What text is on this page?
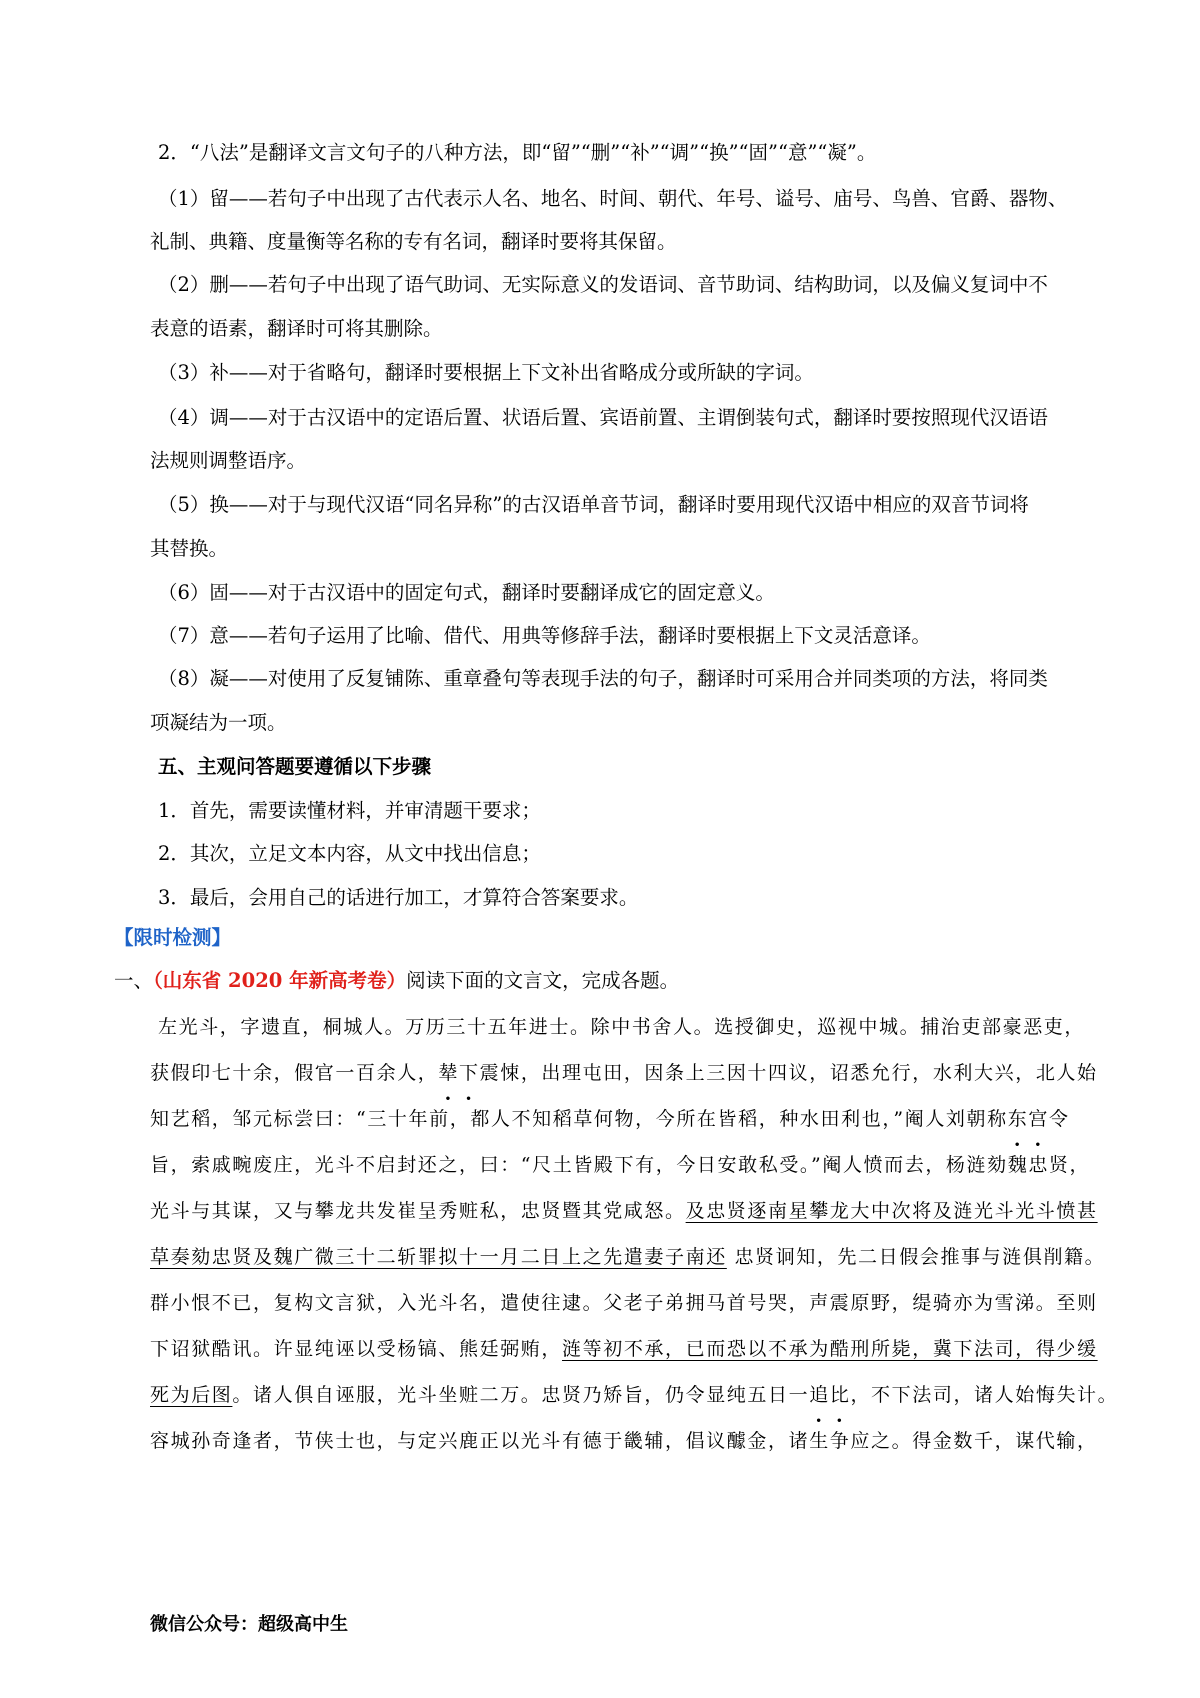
2．“八法”是翻译文言文句子的八种方法，即“留”“删”“补”“调”“换”“固”“意”“凝”。
（1）留——若句子中出现了古代表示人名、地名、时间、朝代、年号、谥号、庙号、鸟兽、官爵、器物、
礼制、典籍、度量衡等名称的专有名词，翻译时要将其保留。
（2）删——若句子中出现了语气助词、无实际意义的发语词、音节助词、结构助词，以及偏义复词中不
表意的语素，翻译时可将其删除。
（3）补——对于省略句，翻译时要根据上下文补出省略成分或所缺的字词。
（4）调——对于古汉语中的定语后置、状语后置、宾语前置、主谓倒装句式，翻译时要按照现代汉语语
法规则调整语序。
（5）换——对于与现代汉语“同名异称”的古汉语单音节词，翻译时要用现代汉语中相应的双音节词将
其替换。
（6）固——对于古汉语中的固定句式，翻译时要翻译成它的固定意义。
（7）意——若句子运用了比喻、借代、用典等修辞手法，翻译时要根据上下文灵活意译。
（8）凝——对使用了反复铺陈、重章叠句等表现手法的句子，翻译时可采用合并同类项的方法，将同类
项凝结为一项。
五、主观问答题要遵循以下步骤
1．首先，需要读懂材料，并审清题干要求；
2．其次，立足文本内容，从文中找出信息；
3．最后，会用自己的话进行加工，才算符合答案要求。
【限时检测】
一、（山东省 2020 年新高考卷）阅读下面的文言文，完成各题。
左光斗，字遗直，桐城人。万历三十五年进士。除中书舍人。选授御史，巡视中城。捕治吏部豪恶吏，
获假印七十余，假官一百余人，辇下震悚，出理屯田，因条上三因十四议，诏悉允行，水利大兴，北人始
知艺稻，邹元标尝曰：“三十年前，都人不知稻草何物，今所在皆稻，种水田利也，”阉人刘朝称东宫令
旨，索戚畹废庄，光斗不启封还之，曰：“尺土皆殿下有，今日安敢私受。”阉人愤而去，杨涟劾魏忠贤，
光斗与其谋，又与攀龙共发崔呈秀赃私，忠贤暨其党咸怒。及忠贤逐南星攀龙大中次将及涟光斗光斗愤甚
草奏劾忠贤及魏广微三十二斩罪拟十一月二日上之先遣妻子南还 忠贤诇知，先二日假会推事与涟俱削籍。
群小恨不已，复构文言狱，入光斗名，遣使往逮。父老子弟拥马首号哭，声震原野，缇骑亦为雪涕。至则
下诏狱酷讯。许显纯诬以受杨镐、熊廷弼贿，涟等初不承，已而恐以不承为酷刑所毙，冀下法司，得少缓
死为后图。诸人俱自诬服，光斗坐赃二万。忠贤乃矫旨，仍令显纯五日一追比，不下法司，诸人始悔失计。
容城孙奇逢者，节侠士也，与定兴鹿正以光斗有德于畿辅，倡议醵金，诸生争应之。得金数千，谋代输，
微信公众号：超级高中生
